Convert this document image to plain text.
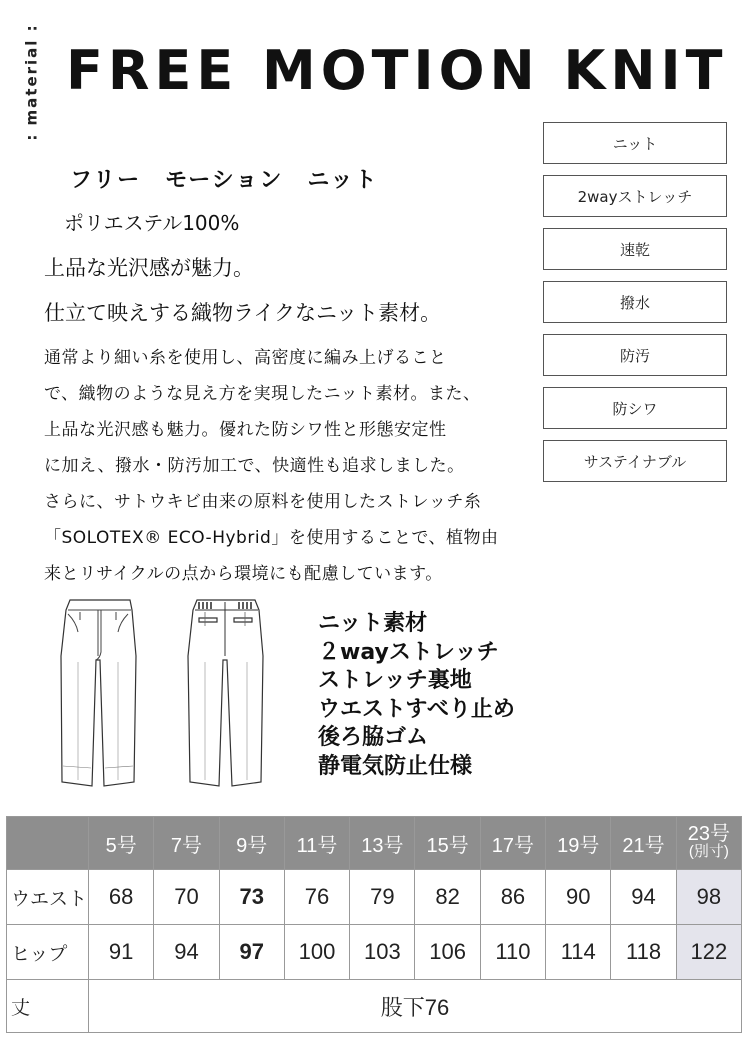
: material : FREE MOTION KNIT
フリー　モーション　ニット
ポリエステル100%
上品な光沢感が魅力。
仕立て映えする織物ライクなニット素材。
通常より細い糸を使用し、高密度に編み上げること
で、織物のような見え方を実現したニット素材。また、
上品な光沢感も魅力。優れた防シワ性と形態安定性
に加え、撥水・防汚加工で、快適性も追求しました。
さらに、サトウキビ由来の原料を使用したストレッチ糸
「SOLOTEX® ECO-Hybrid」を使用することで、植物由
来とリサイクルの点から環境にも配慮しています。
ニット
2wayストレッチ
速乾
撥水
防汚
防シワ
サステイナブル
ニット素材
２wayストレッチ
ストレッチ裏地
ウエストすべり止め
後ろ脇ゴム
静電気防止仕様
	5号	7号	9号	11号	13号	15号	17号	19号	21号	23号
(別寸)

ウエスト	68	70	73	76	79	82	86	90	94	98
ヒップ	91	94	97	100	103	106	110	114	118	122
丈	股下76									
